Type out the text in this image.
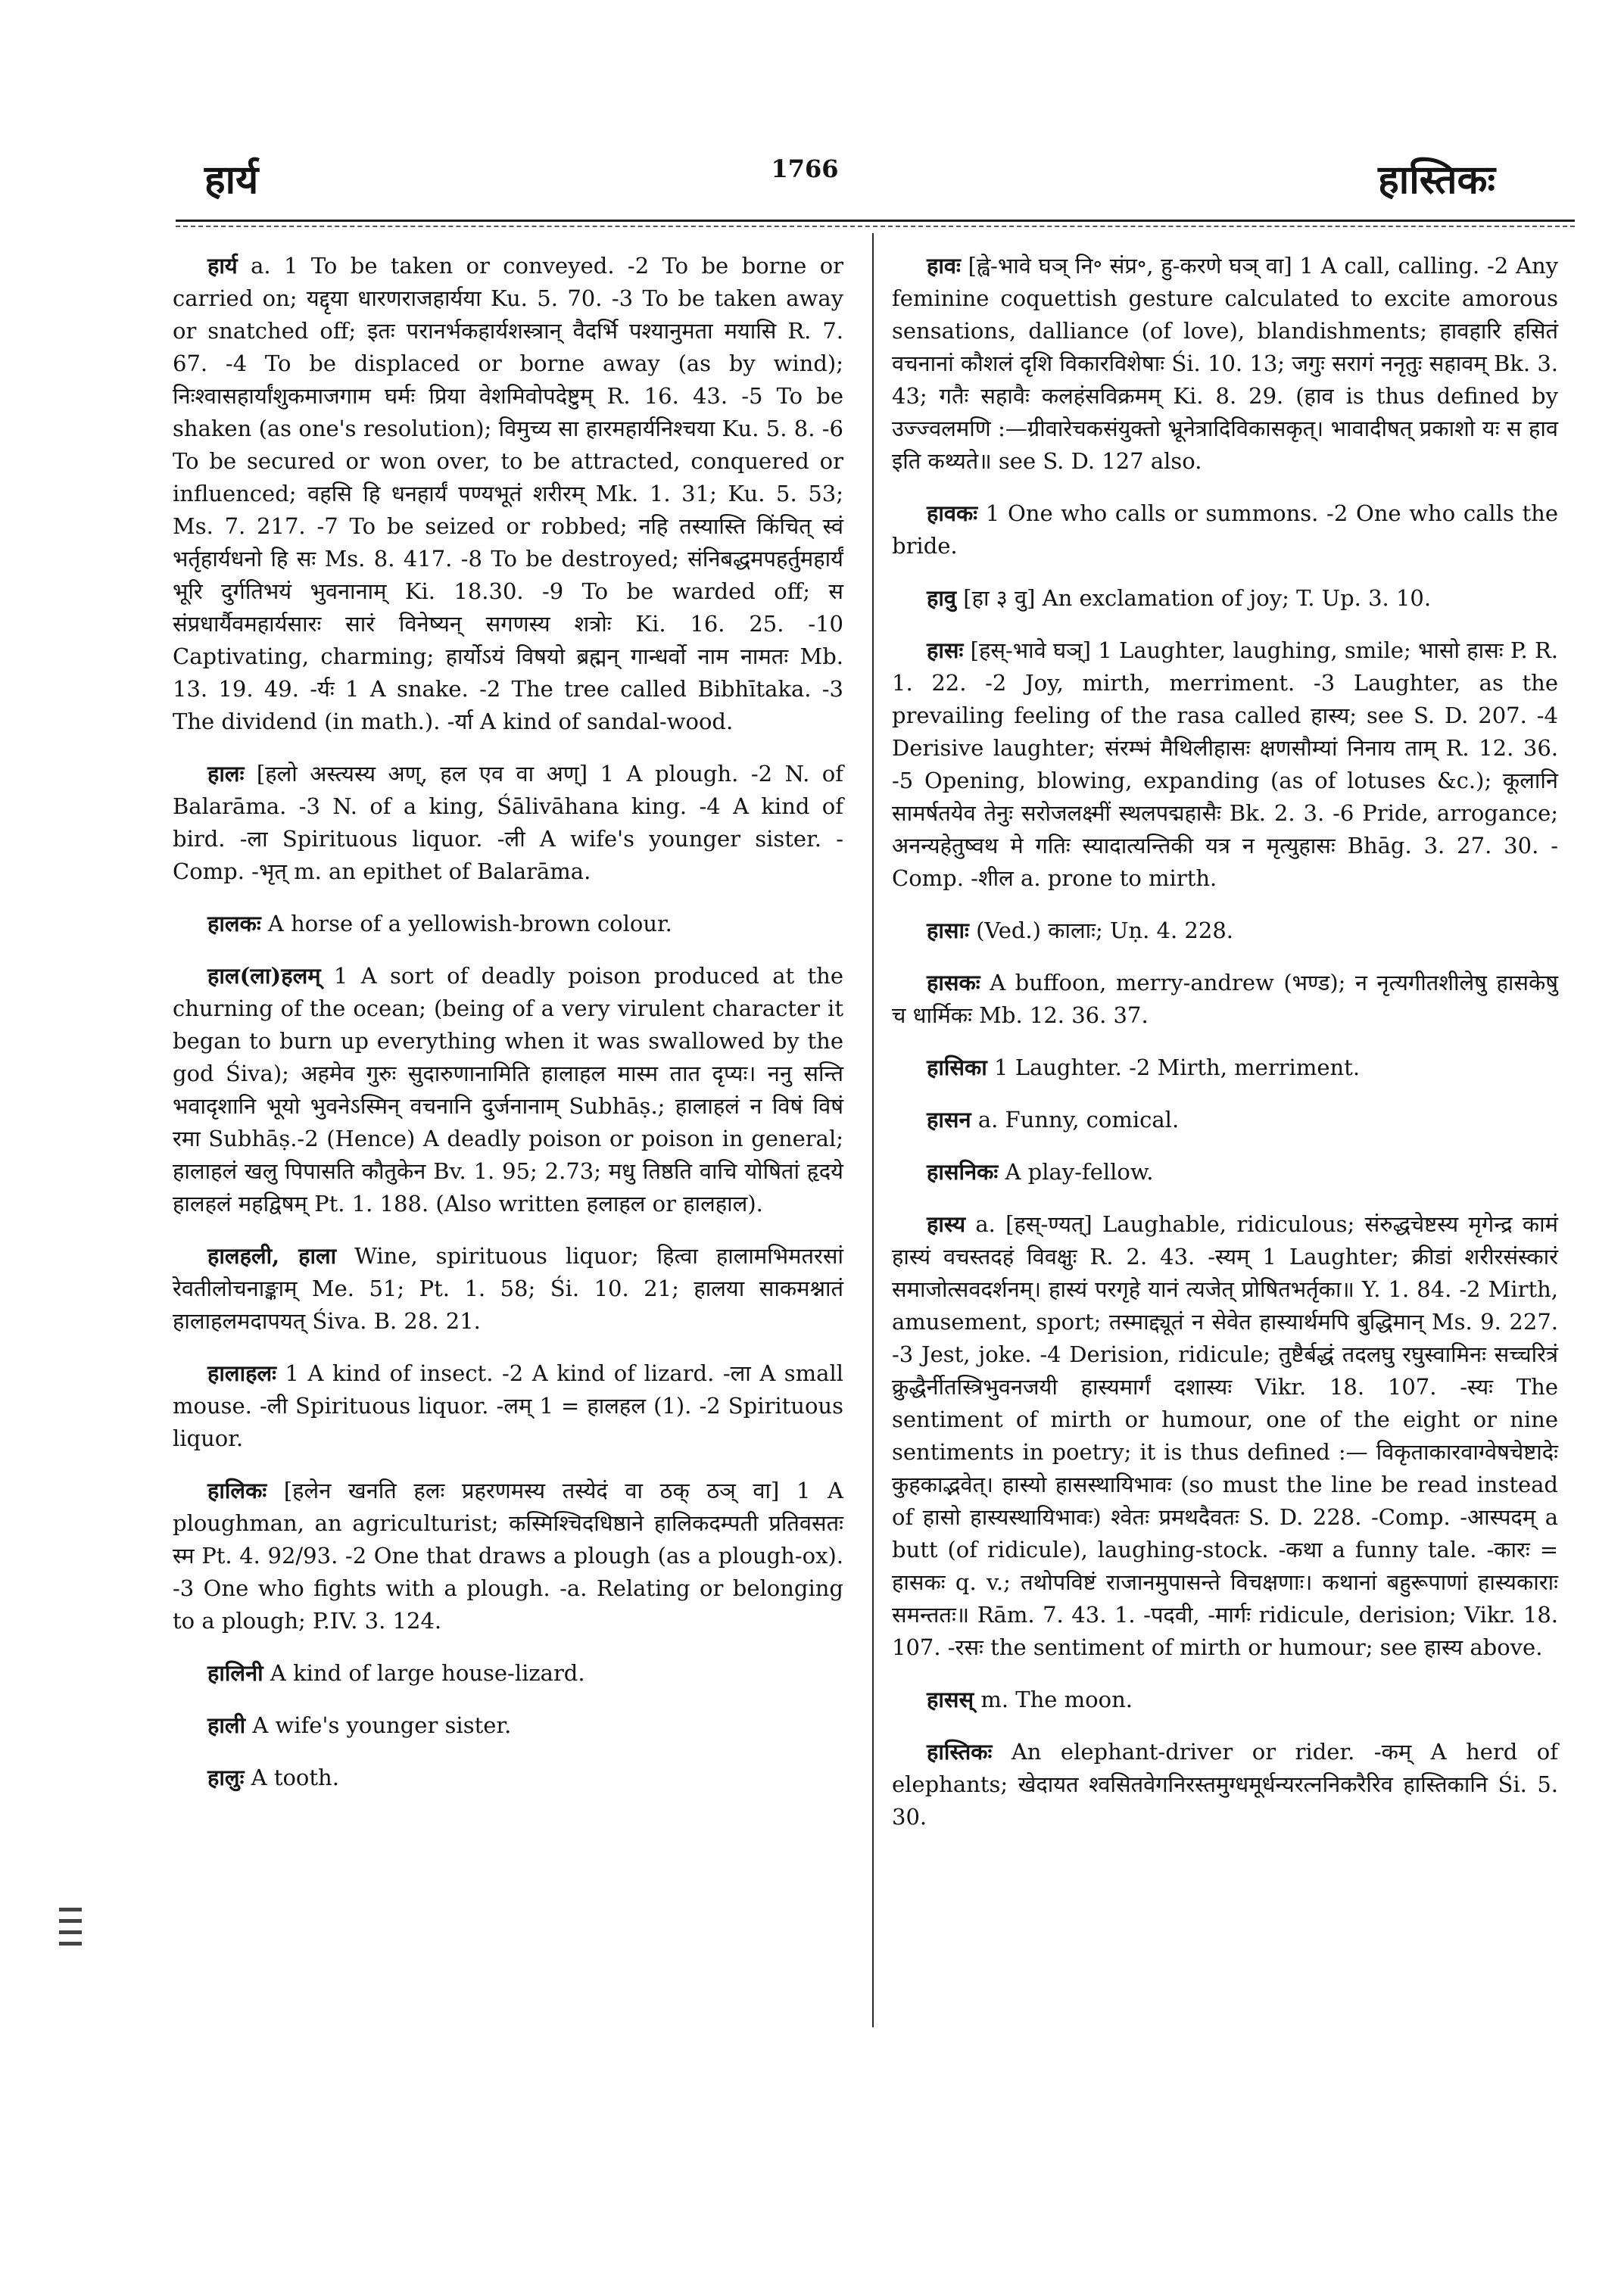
हार्य	1766	हास्तिकः

हार्य a. 1 To be taken or conveyed. -2 To be borne or carried on; यद्दृया धारणराजहार्यया Ku. 5. 70. -3 To be taken away or snatched off; इतः परानर्भकहार्यशस्त्रान् वैदर्भि पश्यानुमता मयासि R. 7. 67. -4 To be displaced or borne away (as by wind); निःश्वासहार्यांशुकमाजगाम घर्मः प्रिया वेशमिवोपदेष्टुम् R. 16. 43. -5 To be shaken (as one's resolution); विमुच्य सा हारमहार्यनिश्चया Ku. 5. 8. -6 To be secured or won over, to be attracted, conquered or influenced; वहसि हि धनहार्यं पण्यभूतं शरीरम् Mk. 1. 31; Ku. 5. 53; Ms. 7. 217. -7 To be seized or robbed; नहि तस्यास्ति किंचित् स्वं भर्तृहार्यधनो हि सः Ms. 8. 417. -8 To be destroyed; संनिबद्धमपहर्तुमहार्यं भूरि दुर्गतिभयं भुवनानाम् Ki. 18.30. -9 To be warded off; स संप्रधार्यैवमहार्यसारः सारं विनेष्यन् सगणस्य शत्रोः Ki. 16. 25. -10 Captivating, charming; हार्योऽयं विषयो ब्रह्मन् गान्धर्वो नाम नामतः Mb. 13. 19. 49. -र्यः 1 A snake. -2 The tree called Bibhītaka. -3 The dividend (in math.). -र्या A kind of sandal-wood.

हालः [हलो अस्त्यस्य अण्, हल एव वा अण्] 1 A plough. -2 N. of Balarāma. -3 N. of a king, Śālivāhana king. -4 A kind of bird. -ला Spirituous liquor. -ली A wife's younger sister. -Comp. -भृत् m. an epithet of Balarāma.

हालकः A horse of a yellowish-brown colour.

हाल(ला)हलम् 1 A sort of deadly poison produced at the churning of the ocean; (being of a very virulent character it began to burn up everything when it was swallowed by the god Śiva); अहमेव गुरुः सुदारुणानामिति हालाहल मास्म तात दृप्यः। ननु सन्ति भवादृशानि भूयो भुवनेऽस्मिन् वचनानि दुर्जनानाम् Subhāṣ.; हालाहलं न विषं विषं रमा Subhāṣ.-2 (Hence) A deadly poison or poison in general; हालाहलं खलु पिपासति कौतुकेन Bv. 1. 95; 2.73; मधु तिष्ठति वाचि योषितां हृदये हालहलं महद्विषम् Pt. 1. 188. (Also written हलाहल or हालहाल).

हालहली, हाला Wine, spirituous liquor; हित्वा हालामभिमतरसां रेवतीलोचनाङ्काम् Me. 51; Pt. 1. 58; Śi. 10. 21; हालया साकमश्नातं हालाहलमदापयत् Śiva. B. 28. 21.

हालाहलः 1 A kind of insect. -2 A kind of lizard. -ला A small mouse. -ली Spirituous liquor. -लम् 1 = हालहल (1). -2 Spirituous liquor.

हालिकः [हलेन खनति हलः प्रहरणमस्य तस्येदं वा ठक् ठञ् वा] 1 A ploughman, an agriculturist; कस्मिश्चिदधिष्ठाने हालिकदम्पती प्रतिवसतः स्म Pt. 4. 92/93. -2 One that draws a plough (as a plough-ox). -3 One who fights with a plough. -a. Relating or belonging to a plough; P.IV. 3. 124.

हालिनी A kind of large house-lizard.

हाली A wife's younger sister.

हालुः A tooth.

हावः [ह्वे-भावे घञ् नि॰ संप्र॰, हु-करणे घञ् वा] 1 A call, calling. -2 Any feminine coquettish gesture calculated to excite amorous sensations, dalliance (of love), blandishments; हावहारि हसितं वचनानां कौशलं दृशि विकारविशेषाः Śi. 10. 13; जगुः सरागं ननृतुः सहावम् Bk. 3. 43; गतैः सहावैः कलहंसविक्रमम् Ki. 8. 29. (हाव is thus defined by उज्ज्वलमणि :—ग्रीवारेचकसंयुक्तो भ्रूनेत्रादिविकासकृत्। भावादीषत् प्रकाशो यः स हाव इति कथ्यते॥ see S. D. 127 also.

हावकः 1 One who calls or summons. -2 One who calls the bride.

हावु [हा ३ वु] An exclamation of joy; T. Up. 3. 10.

हासः [हस्-भावे घञ्] 1 Laughter, laughing, smile; भासो हासः P. R. 1. 22. -2 Joy, mirth, merriment. -3 Laughter, as the prevailing feeling of the rasa called हास्य; see S. D. 207. -4 Derisive laughter; संरम्भं मैथिलीहासः क्षणसौम्यां निनाय ताम् R. 12. 36. -5 Opening, blowing, expanding (as of lotuses &c.); कूलानि सामर्षतयेव तेनुः सरोजलक्ष्मीं स्थलपद्महासैः Bk. 2. 3. -6 Pride, arrogance; अनन्यहेतुष्वथ मे गतिः स्यादात्यन्तिकी यत्र न मृत्युहासः Bhāg. 3. 27. 30. -Comp. -शील a. prone to mirth.

हासाः (Ved.) कालाः; Uṇ. 4. 228.

हासकः A buffoon, merry-andrew (भण्ड); न नृत्यगीतशीलेषु हासकेषु च धार्मिकः Mb. 12. 36. 37.

हासिका 1 Laughter. -2 Mirth, merriment.

हासन a. Funny, comical.

हासनिकः A play-fellow.

हास्य a. [हस्-ण्यत्] Laughable, ridiculous; संरुद्धचेष्टस्य मृगेन्द्र कामं हास्यं वचस्तदहं विवक्षुः R. 2. 43. -स्यम् 1 Laughter; क्रीडां शरीरसंस्कारं समाजोत्सवदर्शनम्। हास्यं परगृहे यानं त्यजेत् प्रोषितभर्तृका॥ Y. 1. 84. -2 Mirth, amusement, sport; तस्माद्द्यूतं न सेवेत हास्यार्थमपि बुद्धिमान् Ms. 9. 227. -3 Jest, joke. -4 Derision, ridicule; तुष्टैर्बद्धं तदलघु रघुस्वामिनः सच्चरित्रं क्रुद्धैर्नीतस्त्रिभुवनजयी हास्यमार्गं दशास्यः Vikr. 18. 107. -स्यः The sentiment of mirth or humour, one of the eight or nine sentiments in poetry; it is thus defined :— विकृताकारवाग्वेषचेष्टादेः कुहकाद्भवेत्। हास्यो हासस्थायिभावः (so must the line be read instead of हासो हास्यस्थायिभावः) श्वेतः प्रमथदैवतः S. D. 228. -Comp. -आस्पदम् a butt (of ridicule), laughing-stock. -कथा a funny tale. -कारः = हासकः q. v.; तथोपविष्टं राजानमुपासन्ते विचक्षणाः। कथानां बहुरूपाणां हास्यकाराः समन्ततः॥ Rām. 7. 43. 1. -पदवी, -मार्गः ridicule, derision; Vikr. 18. 107. -रसः the sentiment of mirth or humour; see हास्य above.

हासस् m. The moon.

हास्तिकः An elephant-driver or rider. -कम् A herd of elephants; खेदायत श्वसितवेगनिरस्तमुग्धमूर्धन्यरत्ननिकरैरिव हास्तिकानि Śi. 5. 30.
